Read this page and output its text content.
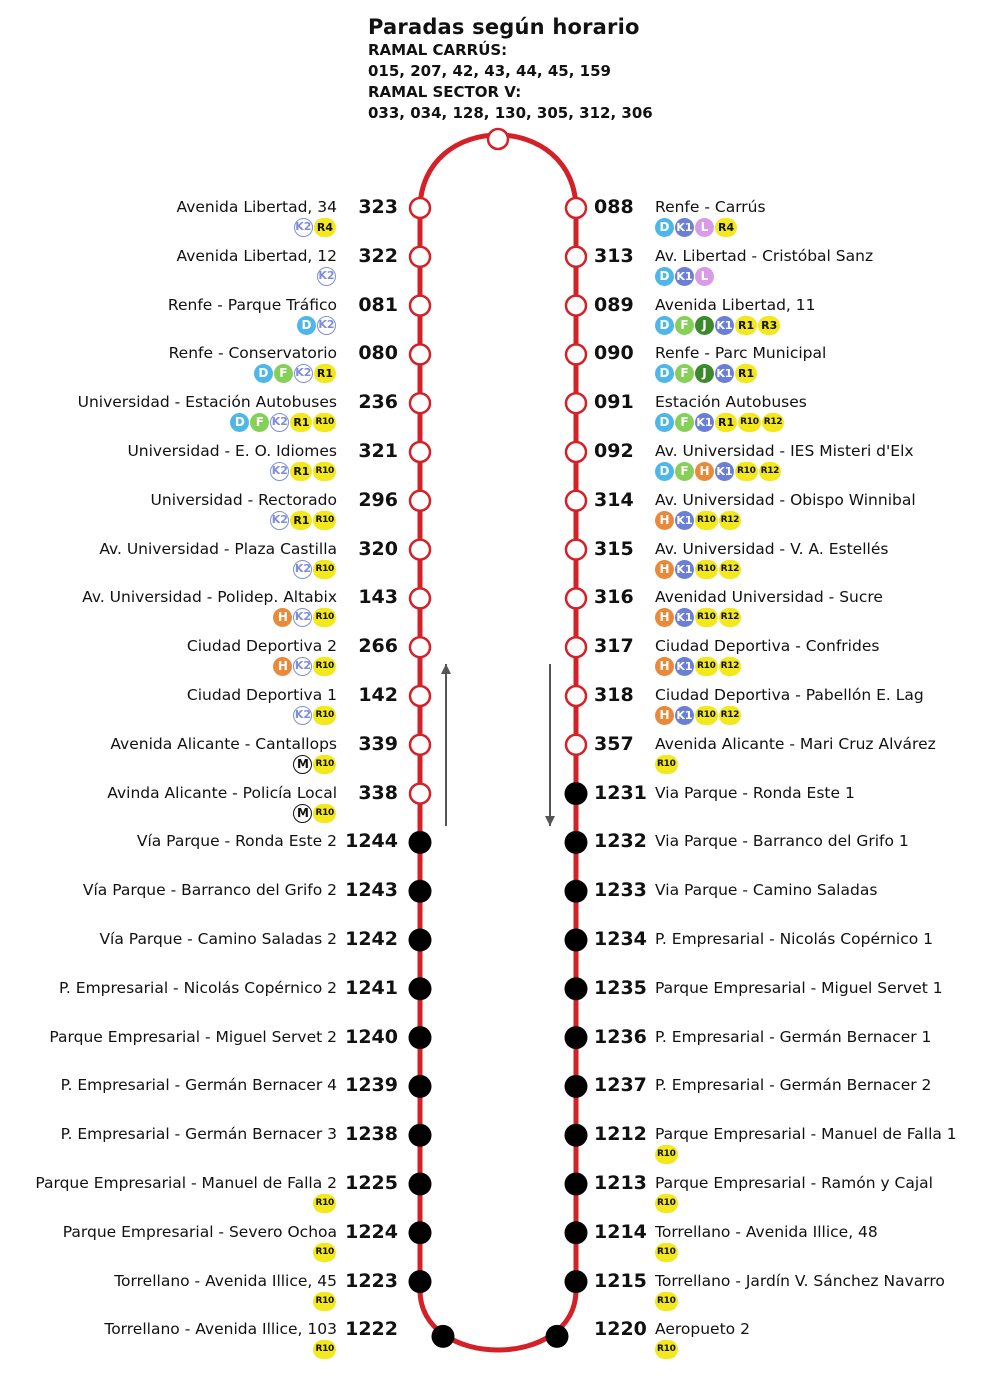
Paradas según horario
RAMAL CARRÚS:
015, 207, 42, 43, 44, 45, 159
RAMAL SECTOR V:
033, 034, 128, 130, 305, 312, 306
Avenida Libertad, 34
K2 R4
323
Avenida Libertad, 12
K2
322
Renfe - Parque Tráfico
D K2
081
Renfe - Conservatorio
D F K2 R1
080
Universidad - Estación Autobuses
D F K2 R1 R10
236
Universidad - E. O. Idiomes
K2 R1 R10
321
Universidad - Rectorado
K2 R1 R10
296
Av. Universidad - Plaza Castilla
K2 R10
320
Av. Universidad - Polidep. Altabix
H K2 R10
143
Ciudad Deportiva 2
H K2 R10
266
Ciudad Deportiva 1
K2 R10
142
Avenida Alicante - Cantallops
M R10
339
Avinda Alicante - Policía Local
M R10
338
Vía Parque - Ronda Este 2 1244
Vía Parque - Barranco del Grifo 2 1243
Vía Parque - Camino Saladas 2 1242
P. Empresarial - Nicolás Copérnico 2 1241
Parque Empresarial - Miguel Servet 2 1240
P. Empresarial - Germán Bernacer 4 1239
P. Empresarial - Germán Bernacer 3 1238
Parque Empresarial - Manuel de Falla 2
R10
1225
Parque Empresarial - Severo Ochoa
R10
1224
Torrellano - Avenida Illice, 45
R10
1223
Torrellano - Avenida Illice, 103
R10
1222
Renfe - Carrús
D K1 L R4
088
Av. Libertad - Cristóbal Sanz
D K1 L
313
Avenida Libertad, 11
D F J K1 R1 R3
089
Renfe - Parc Municipal
D F J K1 R1
090
Estación Autobuses
D F K1 R1 R10 R12
091
Av. Universidad - IES Misteri d'Elx
D F H K1 R10 R12
092
Av. Universidad - Obispo Winnibal
H K1 R10 R12
314
Av. Universidad - V. A. Estellés
H K1 R10 R12
315
Avenidad Universidad - Sucre
H K1 R10 R12
316
Ciudad Deportiva - Confrides
H K1 R10 R12
317
Ciudad Deportiva - Pabellón E. Lag
H K1 R10 R12
318
Avenida Alicante - Mari Cruz Alvárez
R10
357
Via Parque - Ronda Este 1
1231
Via Parque - Barranco del Grifo 1
1232
Via Parque - Camino Saladas
1233
P. Empresarial - Nicolás Copérnico 1
1234
Parque Empresarial - Miguel Servet 1
1235
P. Empresarial - Germán Bernacer 1
1236
P. Empresarial - Germán Bernacer 2
1237
Parque Empresarial - Manuel de Falla 1
R10
1212
Parque Empresarial - Ramón y Cajal
R10
1213
Torrellano - Avenida Illice, 48
R10
1214
Torrellano - Jardín V. Sánchez Navarro
R10
1215
Aeropueto 2
R10
1220
